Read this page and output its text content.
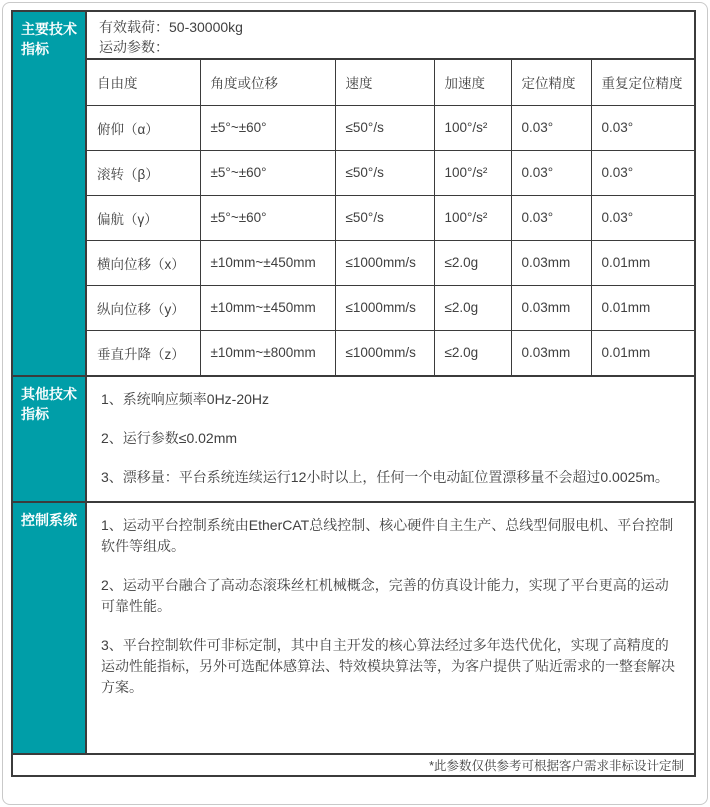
主要技术指标
有效载荷：50-30000kg
运动参数：
自由度	角度或位移	速度	加速度	定位精度	重复定位精度
俯仰（α）	±5°~±60°	≤50°/s	100°/s²	0.03°	0.03°
滚转（β）	±5°~±60°	≤50°/s	100°/s²	0.03°	0.03°
偏航（γ）	±5°~±60°	≤50°/s	100°/s²	0.03°	0.03°
横向位移（x）	±10mm~±450mm	≤1000mm/s	≤2.0g	0.03mm	0.01mm
纵向位移（y）	±10mm~±450mm	≤1000mm/s	≤2.0g	0.03mm	0.01mm
垂直升降（z）	±10mm~±800mm	≤1000mm/s	≤2.0g	0.03mm	0.01mm
其他技术指标

1、系统响应频率0Hz-20Hz

2、运行参数≤0.02mm

3、漂移量：平台系统连续运行12小时以上，任何一个电动缸位置漂移量不会超过0.0025m。

控制系统	1、运动平台控制系统由EtherCAT总线控制、核心硬件自主生产、总线型伺服电机、平台控制软件等组成。

2、运动平台融合了高动态滚珠丝杠机械概念，完善的仿真设计能力，实现了平台更高的运动可靠性能。

3、平台控制软件可非标定制，其中自主开发的核心算法经过多年迭代优化，实现了高精度的运动性能指标，另外可选配体感算法、特效模块算法等，为客户提供了贴近需求的一整套解决方案。

*此参数仅供参考可根据客户需求非标设计定制
